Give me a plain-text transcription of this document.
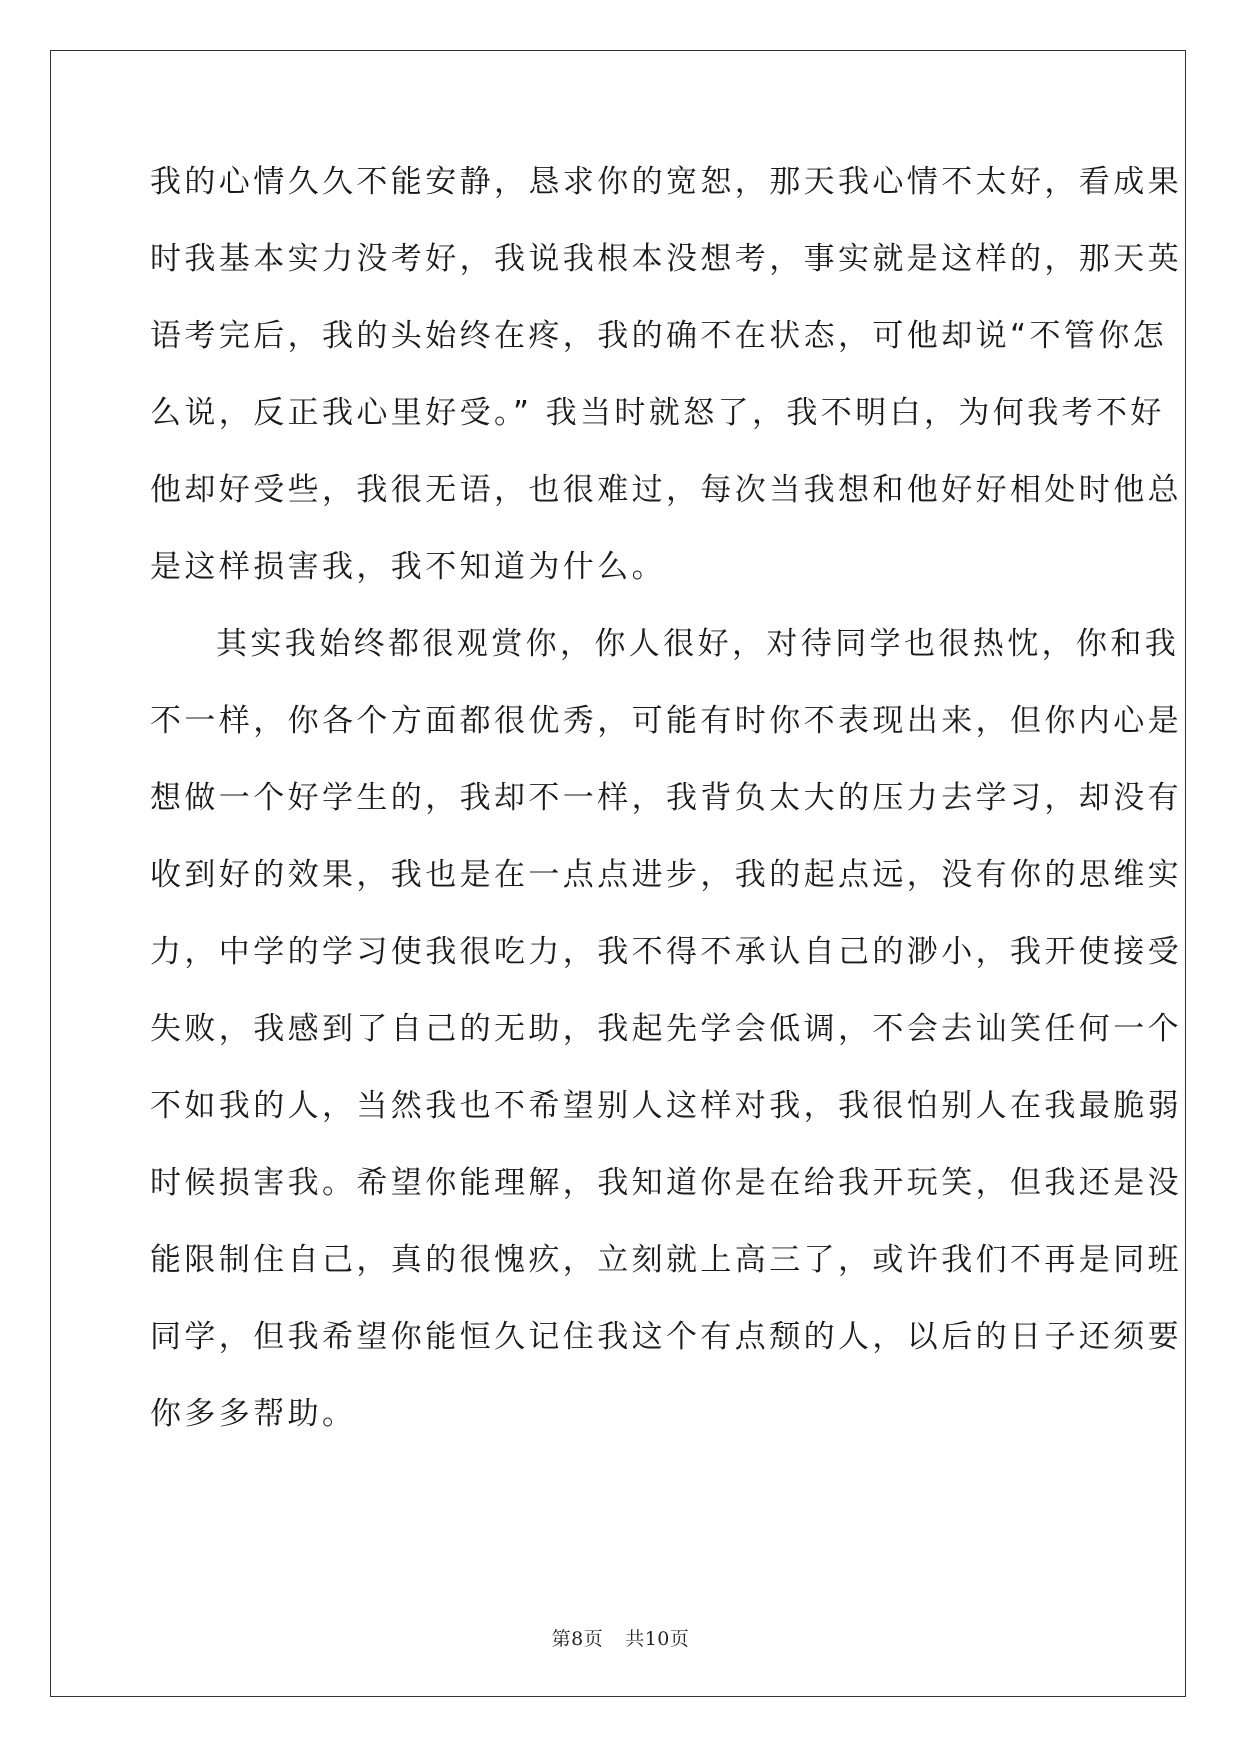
我的心情久久不能安静，恳求你的宽恕，那天我心情不太好，看成果
时我基本实力没考好，我说我根本没想考，事实就是这样的，那天英
语考完后，我的头始终在疼，我的确不在状态，可他却说“不管你怎
么说，反正我心里好受。” 我当时就怒了，我不明白，为何我考不好
他却好受些，我很无语，也很难过，每次当我想和他好好相处时他总
是这样损害我，我不知道为什么。
其实我始终都很观赏你，你人很好，对待同学也很热忱，你和我
不一样，你各个方面都很优秀，可能有时你不表现出来，但你内心是
想做一个好学生的，我却不一样，我背负太大的压力去学习，却没有
收到好的效果，我也是在一点点进步，我的起点远，没有你的思维实
力，中学的学习使我很吃力，我不得不承认自己的渺小，我开使接受
失败，我感到了自己的无助，我起先学会低调，不会去讪笑任何一个
不如我的人，当然我也不希望别人这样对我，我很怕别人在我最脆弱
时候损害我。希望你能理解，我知道你是在给我开玩笑，但我还是没
能限制住自己，真的很愧疚，立刻就上高三了，或许我们不再是同班
同学，但我希望你能恒久记住我这个有点颓的人，以后的日子还须要
你多多帮助。
第8页 共10页
